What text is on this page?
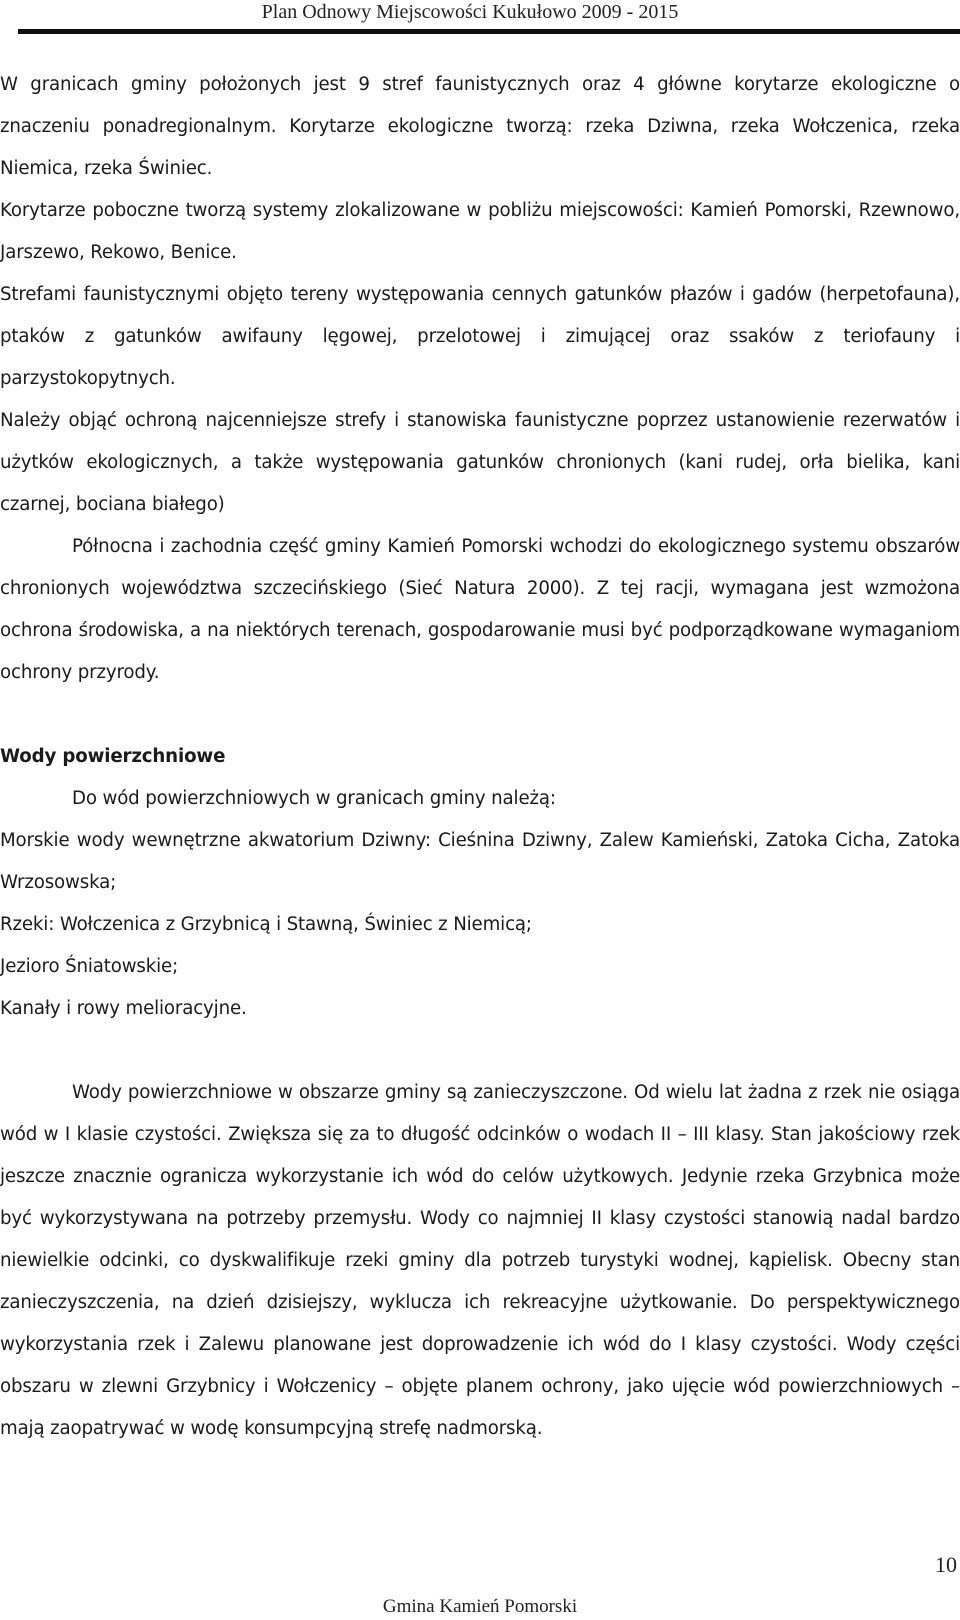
Plan Odnowy Miejscowości Kukułowo 2009 - 2015

W granicach gminy położonych jest 9 stref faunistycznych oraz 4 główne korytarze ekologiczne o znaczeniu ponadregionalnym. Korytarze ekologiczne tworzą: rzeka Dziwna, rzeka Wołczenica, rzeka Niemica, rzeka Świniec.

Korytarze poboczne tworzą systemy zlokalizowane w pobliżu miejscowości: Kamień Pomorski, Rzewnowo, Jarszewo, Rekowo, Benice.

Strefami faunistycznymi objęto tereny występowania cennych gatunków płazów i gadów (herpetofauna), ptaków z gatunków awifauny lęgowej, przelotowej i zimującej oraz ssaków z teriofauny i parzystokopytnych.

Należy objąć ochroną najcenniejsze strefy i stanowiska faunistyczne poprzez ustanowienie rezerwatów i użytków ekologicznych, a także występowania gatunków chronionych (kani rudej, orła bielika, kani czarnej, bociana białego)

Północna i zachodnia część gminy Kamień Pomorski wchodzi do ekologicznego systemu obszarów chronionych województwa szczecińskiego (Sieć Natura 2000). Z tej racji, wymagana jest wzmożona ochrona środowiska, a na niektórych terenach, gospodarowanie musi być podporządkowane wymaganiom ochrony przyrody.

Wody powierzchniowe

Do wód powierzchniowych w granicach gminy należą:

Morskie wody wewnętrzne akwatorium Dziwny: Cieśnina Dziwny, Zalew Kamieński, Zatoka Cicha, Zatoka Wrzosowska;

Rzeki: Wołczenica z Grzybnicą i Stawną, Świniec z Niemicą;

Jezioro Śniatowskie;

Kanały i rowy melioracyjne.

Wody powierzchniowe w obszarze gminy są zanieczyszczone. Od wielu lat żadna z rzek nie osiąga wód w I klasie czystości. Zwiększa się za to długość odcinków o wodach II – III klasy. Stan jakościowy rzek jeszcze znacznie ogranicza wykorzystanie ich wód do celów użytkowych. Jedynie rzeka Grzybnica może być wykorzystywana na potrzeby przemysłu. Wody co najmniej II klasy czystości stanowią nadal bardzo niewielkie odcinki, co dyskwalifikuje rzeki gminy dla potrzeb turystyki wodnej, kąpielisk. Obecny stan zanieczyszczenia, na dzień dzisiejszy, wyklucza ich rekreacyjne użytkowanie. Do perspektywicznego wykorzystania rzek i Zalewu planowane jest doprowadzenie ich wód do I klasy czystości. Wody części obszaru w zlewni Grzybnicy i Wołczenicy – objęte planem ochrony, jako ujęcie wód powierzchniowych – mają zaopatrywać w wodę konsumpcyjną strefę nadmorską.

10
Gmina Kamień Pomorski
